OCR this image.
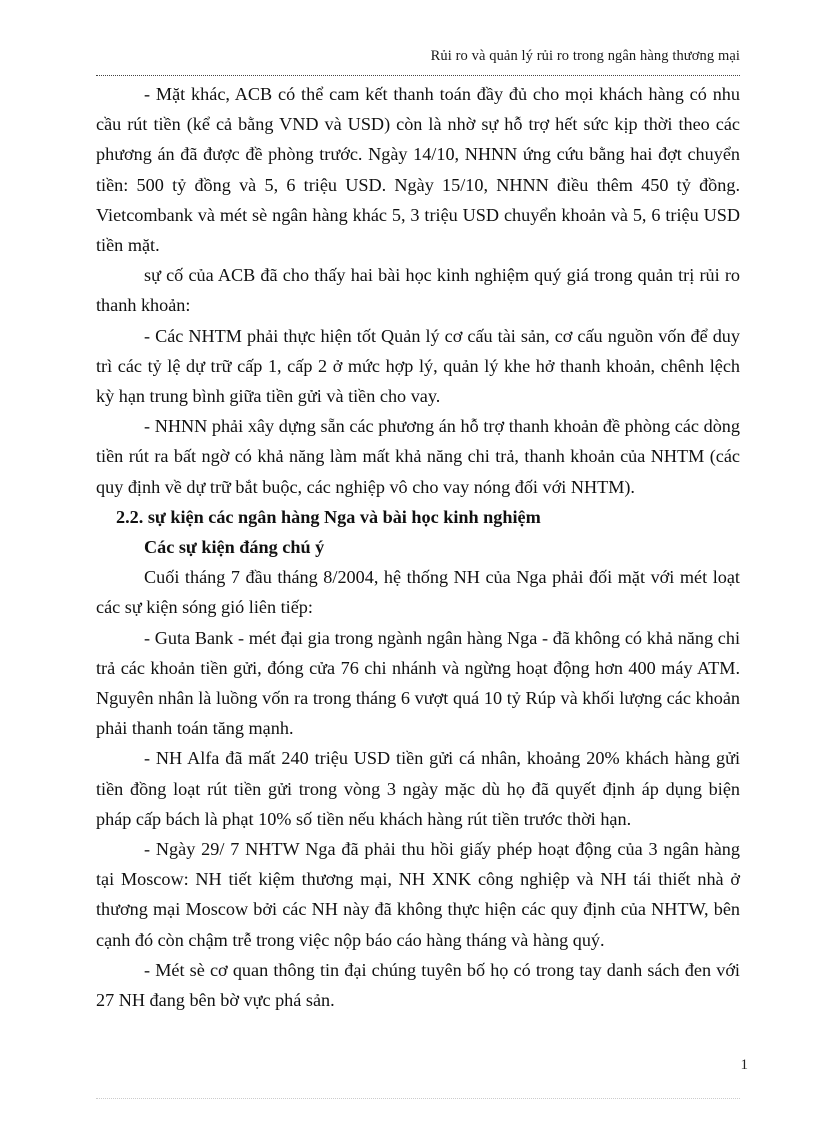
Rủi ro và quản lý rủi ro trong ngân hàng thương mại

- Mặt khác, ACB có thể cam kết thanh toán đầy đủ cho mọi khách hàng có nhu cầu rút tiền (kể cả bằng VND và USD) còn là nhờ sự hỗ trợ hết sức kịp thời theo các phương án đã được đề phòng trước. Ngày 14/10, NHNN ứng cứu bằng hai đợt chuyển tiền: 500 tỷ đồng và 5, 6 triệu USD. Ngày 15/10, NHNN điều thêm 450 tỷ đồng. Vietcombank và mét sè ngân hàng khác 5, 3 triệu USD chuyển khoản và 5, 6 triệu USD tiền mặt.

sự cố của ACB đã cho thấy hai bài học kinh nghiệm quý giá trong quản trị rủi ro thanh khoản:

- Các NHTM phải thực hiện tốt Quản lý cơ cấu tài sản, cơ cấu nguồn vốn để duy trì các tỷ lệ dự trữ cấp 1, cấp 2 ở mức hợp lý, quản lý khe hở thanh khoản, chênh lệch kỳ hạn trung bình giữa tiền gửi và tiền cho vay.

- NHNN phải xây dựng sẵn các phương án hỗ trợ thanh khoản đề phòng các dòng tiền rút ra bất ngờ có khả năng làm mất khả năng chi trả, thanh khoản của NHTM (các quy định về dự trữ bắt buộc, các nghiệp vô cho vay nóng đối với NHTM).

2.2. sự kiện các ngân hàng Nga và bài học kinh nghiệm

Các sự kiện đáng chú ý

Cuối tháng 7 đầu tháng 8/2004, hệ thống NH của Nga phải đối mặt với mét loạt các sự kiện sóng gió liên tiếp:

- Guta Bank - mét đại gia trong ngành ngân hàng Nga - đã không có khả năng chi trả các khoản tiền gửi, đóng cửa 76 chi nhánh và ngừng hoạt động hơn 400 máy ATM. Nguyên nhân là luồng vốn ra trong tháng 6 vượt quá 10 tỷ Rúp và khối lượng các khoản phải thanh toán tăng mạnh.

- NH Alfa đã mất 240 triệu USD tiền gửi cá nhân, khoảng 20% khách hàng gửi tiền đồng loạt rút tiền gửi trong vòng 3 ngày mặc dù họ đã quyết định áp dụng biện pháp cấp bách là phạt 10% số tiền nếu khách hàng rút tiền trước thời hạn.

- Ngày 29/ 7 NHTW Nga đã phải thu hồi giấy phép hoạt động của 3 ngân hàng tại Moscow: NH tiết kiệm thương mại, NH XNK công nghiệp và NH tái thiết nhà ở thương mại Moscow bởi các NH này đã không thực hiện các quy định của NHTW, bên cạnh đó còn chậm trễ trong việc nộp báo cáo hàng tháng và hàng quý.

- Mét sè cơ quan thông tin đại chúng tuyên bố họ có trong tay danh sách đen với 27 NH đang bên bờ vực phá sản.

1
